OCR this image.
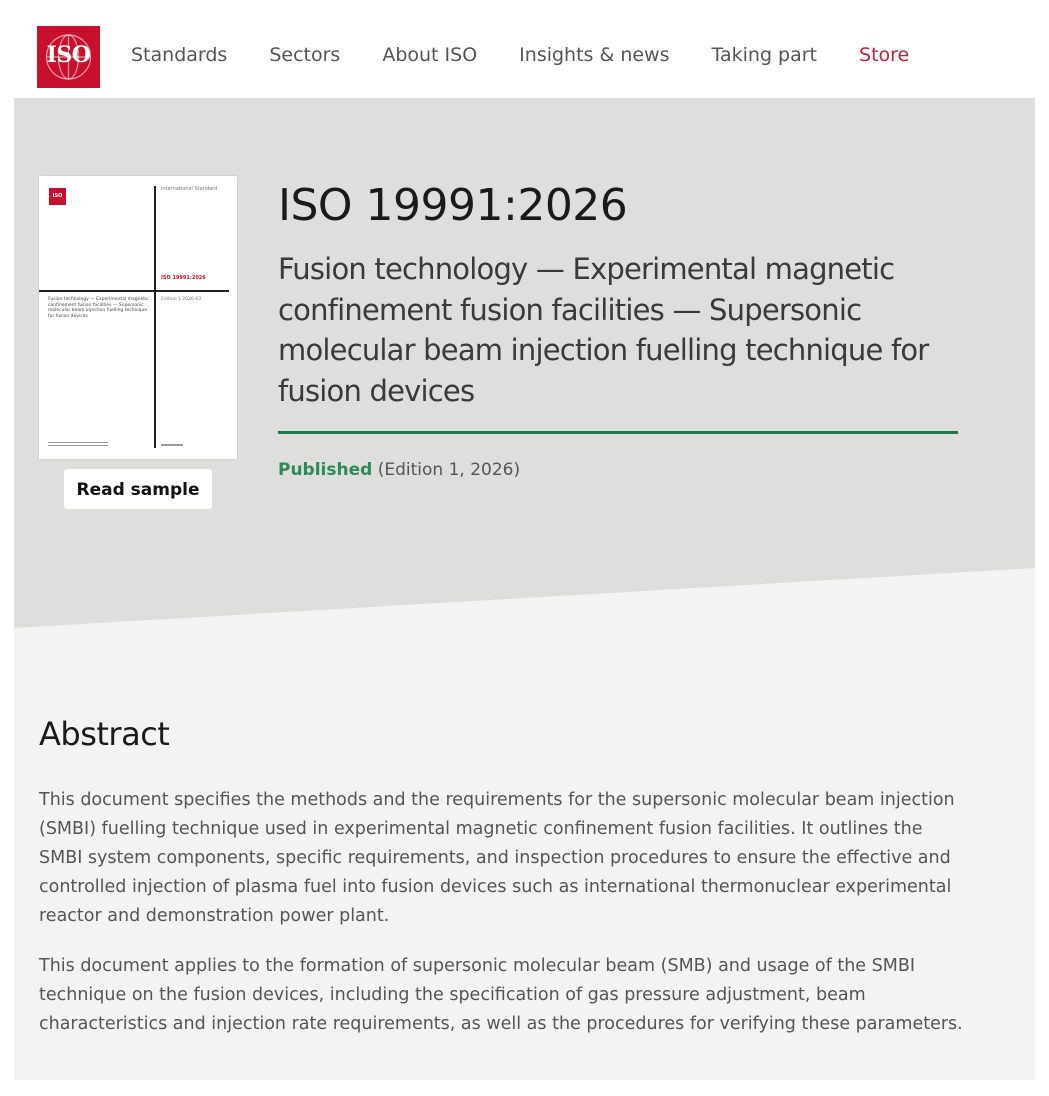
ISO	Standards Sectors About ISO Insights & news Taking part Store
ISO
International Standard
ISO 19991:2026
Fusion technology — Experimental magnetic confinement fusion facilities — Supersonic molecular beam injection fuelling technique for fusion devices
Edition 1 2026-03
Read sample
ISO 19991:2026
Fusion technology — Experimental magnetic confinement fusion facilities — Supersonic molecular beam injection fuelling technique for fusion devices
Published (Edition 1, 2026)
Abstract

This document specifies the methods and the requirements for the supersonic molecular beam injection (SMBI) fuelling technique used in experimental magnetic confinement fusion facilities. It outlines the SMBI system components, specific requirements, and inspection procedures to ensure the effective and controlled injection of plasma fuel into fusion devices such as international thermonuclear experimental reactor and demonstration power plant.

This document applies to the formation of supersonic molecular beam (SMB) and usage of the SMBI technique on the fusion devices, including the specification of gas pressure adjustment, beam characteristics and injection rate requirements, as well as the procedures for verifying these parameters.
